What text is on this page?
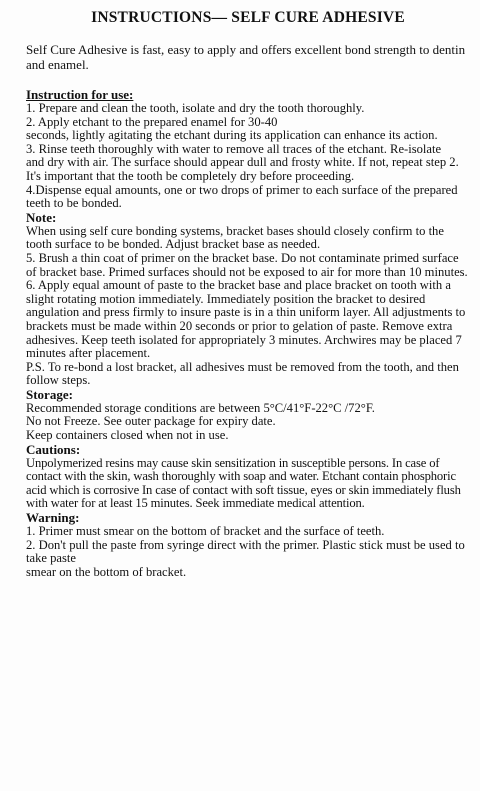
INSTRUCTIONS— SELF CURE ADHESIVE

Self Cure Adhesive is fast, easy to apply and offers excellent bond strength to dentin and enamel.

Instruction for use:

1. Prepare and clean the tooth, isolate and dry the tooth thoroughly.

2. Apply etchant to the prepared enamel for 30-40

seconds, lightly agitating the etchant during its application can enhance its action.

3. Rinse teeth thoroughly with water to remove all traces of the etchant. Re-isolate

and dry with air. The surface should appear dull and frosty white. If not, repeat step 2. It's important that the tooth be completely dry before proceeding.

4.Dispense equal amounts, one or two drops of primer to each surface of the prepared teeth to be bonded.

Note:

When using self cure bonding systems, bracket bases should closely confirm to the tooth surface to be bonded. Adjust bracket base as needed.

5. Brush a thin coat of primer on the bracket base. Do not contaminate primed surface of bracket base. Primed surfaces should not be exposed to air for more than 10 minutes.

6. Apply equal amount of paste to the bracket base and place bracket on tooth with a slight rotating motion immediately. Immediately position the bracket to desired angulation and press firmly to insure paste is in a thin uniform layer. All adjustments to brackets must be made within 20 seconds or prior to gelation of paste. Remove extra adhesives. Keep teeth isolated for appropriately 3 minutes. Archwires may be placed 7 minutes after placement.

P.S. To re-bond a lost bracket, all adhesives must be removed from the tooth, and then follow steps.

Storage:

Recommended storage conditions are between 5°C/41°F-22°C /72°F.

No not Freeze. See outer package for expiry date.

Keep containers closed when not in use.

Cautions:

Unpolymerized resins may cause skin sensitization in susceptible persons. In case of contact with the skin, wash thoroughly with soap and water. Etchant contain phosphoric acid which is corrosive In case of contact with soft tissue, eyes or skin immediately flush with water for at least 15 minutes. Seek immediate medical attention.

Warning:

1. Primer must smear on the bottom of bracket and the surface of teeth.

2. Don't pull the paste from syringe direct with the primer. Plastic stick must be used to take paste

smear on the bottom of bracket.
